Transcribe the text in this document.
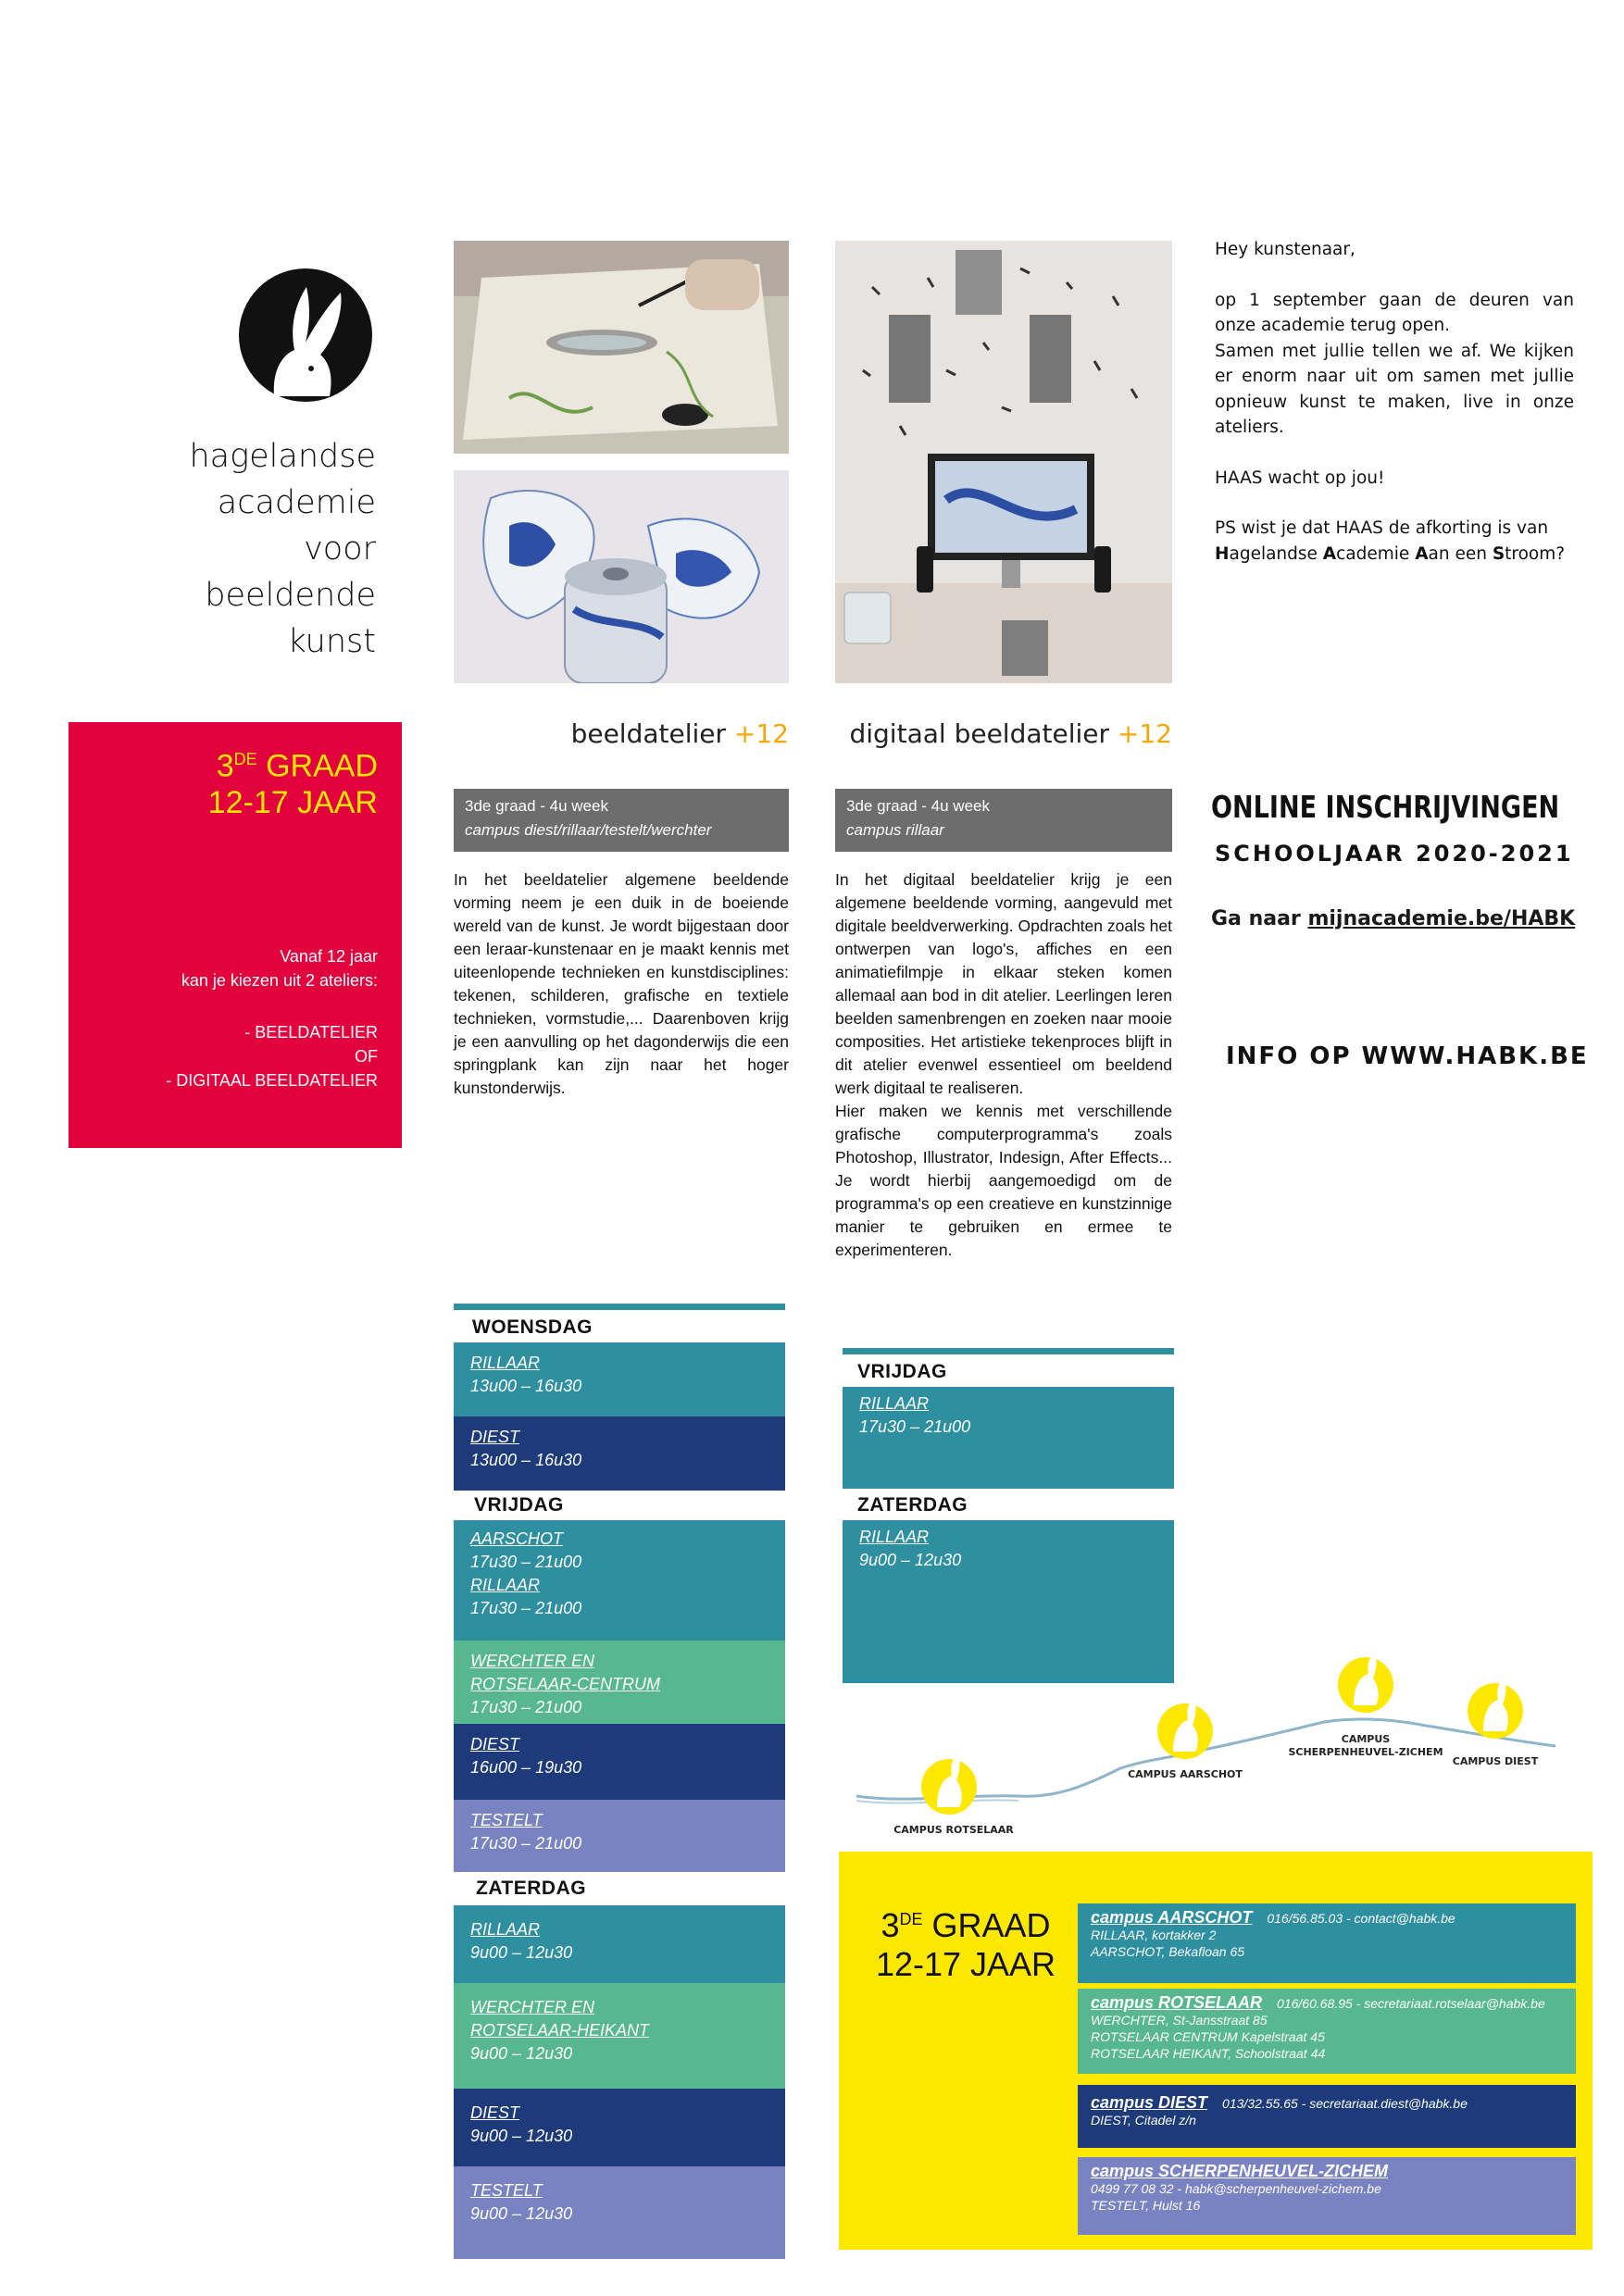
hagelandse
academie
voor
beeldende
kunst
3DE GRAAD
12-17 JAAR
Vanaf 12 jaar
kan je kiezen uit 2 ateliers:
- BEELDATELIER
OF
- DIGITAAL BEELDATELIER
beeldatelier +12
3de graad - 4u week
campus diest/rillaar/testelt/werchter
In het beeldatelier algemene beeldende vorming neem je een duik in de boeiende wereld van de kunst. Je wordt bijgestaan door een leraar-kunstenaar en je maakt kennis met uiteenlopende technieken en kunstdisciplines: tekenen, schilderen, grafische en textiele technieken, vormstudie,... Daarenboven krijg je een aanvulling op het dagonderwijs die een springplank kan zijn naar het hoger kunstonderwijs.
digitaal beeldatelier +12
3de graad - 4u week
campus rillaar
In het digitaal beeldatelier krijg je een algemene beeldende vorming, aangevuld met digitale beeldverwerking. Opdrachten zoals het ontwerpen van logo's, affiches en een animatiefilmpje in elkaar steken komen allemaal aan bod in dit atelier. Leerlingen leren beelden samenbrengen en zoeken naar mooie composities. Het artistieke tekenproces blijft in dit atelier evenwel essentieel om beeldend werk digitaal te realiseren.
Hier maken we kennis met verschillende grafische computerprogramma's zoals Photoshop, Illustrator, Indesign, After Effects... Je wordt hierbij aangemoedigd om de programma's op een creatieve en kunstzinnige manier te gebruiken en ermee te experimenteren.
Hey kunstenaar,
op 1 september gaan de deuren van onze academie terug open.
Samen met jullie tellen we af. We kijken er enorm naar uit om samen met jullie opnieuw kunst te maken, live in onze ateliers.
HAAS wacht op jou!
PS wist je dat HAAS de afkorting is van
Hagelandse Academie Aan een Stroom?
ONLINE INSCHRIJVINGEN
SCHOOLJAAR 2020-2021
Ga naar mijnacademie.be/HABK
INFO OP WWW.HABK.BE
WOENSDAG
RILLAAR
13u00 – 16u30
DIEST
13u00 – 16u30
VRIJDAG
AARSCHOT
17u30 – 21u00
RILLAAR
17u30 – 21u00
WERCHTER EN
ROTSELAAR-CENTRUM
17u30 – 21u00
DIEST
16u00 – 19u30
TESTELT
17u30 – 21u00
ZATERDAG
RILLAAR
9u00 – 12u30
WERCHTER EN
ROTSELAAR-HEIKANT
9u00 – 12u30
DIEST
9u00 – 12u30
TESTELT
9u00 – 12u30
VRIJDAG
RILLAAR
17u30 – 21u00
ZATERDAG
RILLAAR
9u00 – 12u30
CAMPUS ROTSELAAR
CAMPUS AARSCHOT
CAMPUS
SCHERPENHEUVEL-ZICHEM
CAMPUS DIEST
3DE GRAAD
12-17 JAAR
campus AARSCHOT 016/56.85.03 - contact@habk.be
RILLAAR, kortakker 2
AARSCHOT, Bekafloan 65
campus ROTSELAAR 016/60.68.95 - secretariaat.rotselaar@habk.be
WERCHTER, St-Jansstraat 85
ROTSELAAR CENTRUM Kapelstraat 45
ROTSELAAR HEIKANT, Schoolstraat 44
campus DIEST 013/32.55.65 - secretariaat.diest@habk.be
DIEST, Citadel z/n
campus SCHERPENHEUVEL-ZICHEM
0499 77 08 32 - habk@scherpenheuvel-zichem.be
TESTELT, Hulst 16
